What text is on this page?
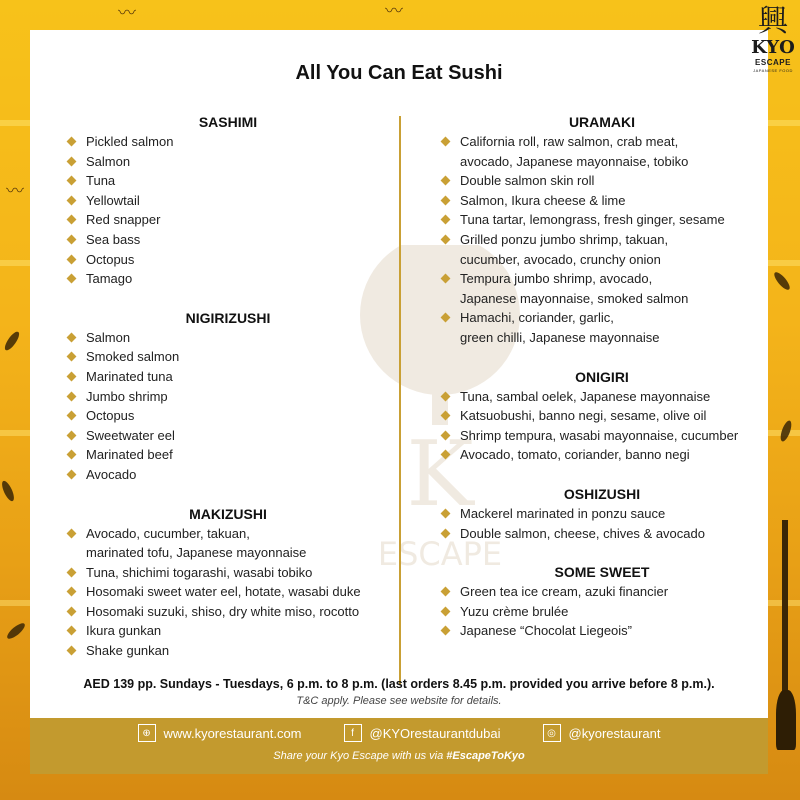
〰	〰
〰
K
ESCAPE
All You Can Eat Sushi
SASHIMI
Pickled salmon
Salmon
Tuna
Yellowtail
Red snapper
Sea bass
Octopus
Tamago
NIGIRIZUSHI
Salmon
Smoked salmon
Marinated tuna
Jumbo shrimp
Octopus
Sweetwater eel
Marinated beef
Avocado
MAKIZUSHI
Avocado, cucumber, takuan,
marinated tofu, Japanese mayonnaise
Tuna, shichimi togarashi, wasabi tobiko
Hosomaki sweet water eel, hotate, wasabi duke
Hosomaki suzuki, shiso, dry white miso, rocotto
Ikura gunkan
Shake gunkan
URAMAKI
California roll, raw salmon, crab meat,
avocado, Japanese mayonnaise, tobiko
Double salmon skin roll
Salmon, Ikura cheese & lime
Tuna tartar, lemongrass, fresh ginger, sesame
Grilled ponzu jumbo shrimp, takuan,
cucumber, avocado, crunchy onion
Tempura jumbo shrimp, avocado,
Japanese mayonnaise, smoked salmon
Hamachi, coriander, garlic,
green chilli, Japanese mayonnaise
ONIGIRI
Tuna, sambal oelek, Japanese mayonnaise
Katsuobushi, banno negi, sesame, olive oil
Shrimp tempura, wasabi mayonnaise, cucumber
Avocado, tomato, coriander, banno negi
OSHIZUSHI
Mackerel marinated in ponzu sauce
Double salmon, cheese, chives & avocado
SOME SWEET
Green tea ice cream, azuki financier
Yuzu crème brulée
Japanese “Chocolat Liegeois”
AED 139 pp. Sundays - Tuesdays, 6 p.m. to 8 p.m. (last orders 8.45 p.m. provided you arrive before 8 p.m.).
T&C apply. Please see website for details.
⊕ www.kyorestaurant.com	f	@KYOrestaurantdubai	◎ @kyorestaurant
Share your Kyo Escape with us via #EscapeToKyo
興
KYO
ESCAPE
JAPANESE FOOD
